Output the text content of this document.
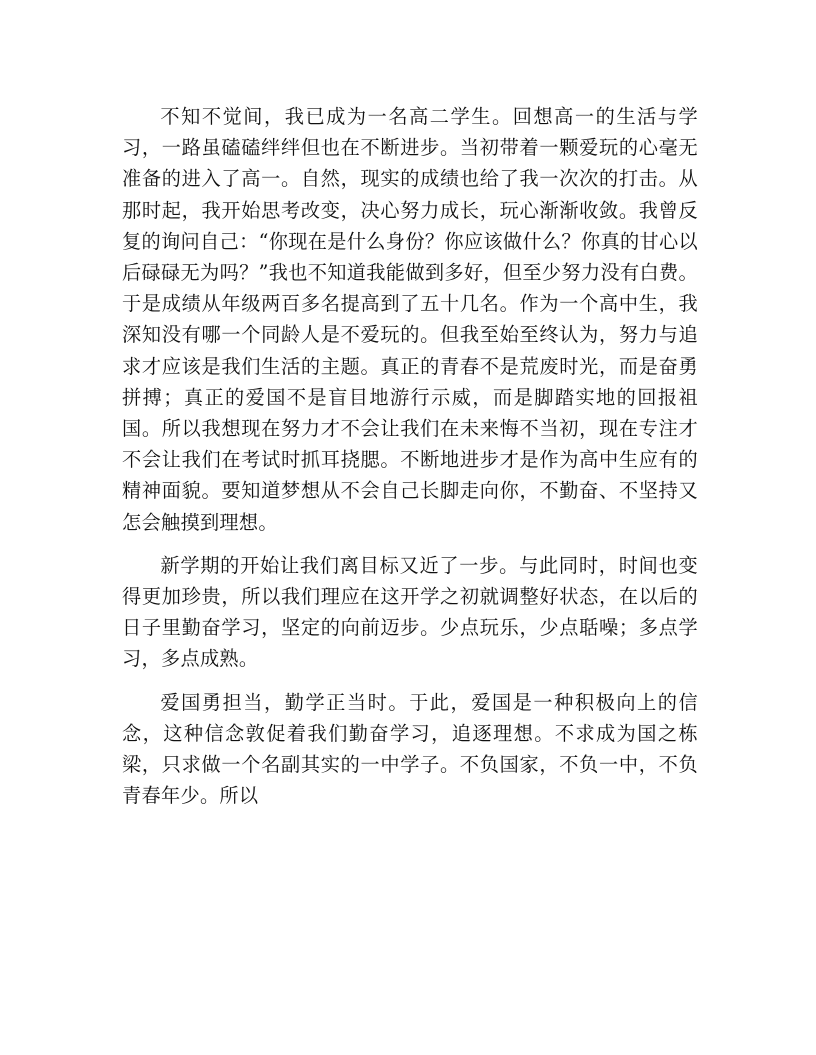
不知不觉间，我已成为一名高二学生。回想高一的生活与学习，一路虽磕磕绊绊但也在不断进步。当初带着一颗爱玩的心毫无准备的进入了高一。自然，现实的成绩也给了我一次次的打击。从那时起，我开始思考改变，决心努力成长，玩心渐渐收敛。我曾反复的询问自己：“你现在是什么身份？你应该做什么？你真的甘心以后碌碌无为吗？”我也不知道我能做到多好，但至少努力没有白费。于是成绩从年级两百多名提高到了五十几名。作为一个高中生，我深知没有哪一个同龄人是不爱玩的。但我至始至终认为，努力与追求才应该是我们生活的主题。真正的青春不是荒废时光，而是奋勇拼搏；真正的爱国不是盲目地游行示威，而是脚踏实地的回报祖国。所以我想现在努力才不会让我们在未来悔不当初，现在专注才不会让我们在考试时抓耳挠腮。不断地进步才是作为高中生应有的精神面貌。要知道梦想从不会自己长脚走向你，不勤奋、不坚持又怎会触摸到理想。

新学期的开始让我们离目标又近了一步。与此同时，时间也变得更加珍贵，所以我们理应在这开学之初就调整好状态，在以后的日子里勤奋学习，坚定的向前迈步。少点玩乐，少点聒噪；多点学习，多点成熟。

爱国勇担当，勤学正当时。于此，爱国是一种积极向上的信念，这种信念敦促着我们勤奋学习，追逐理想。不求成为国之栋梁，只求做一个名副其实的一中学子。不负国家，不负一中，不负青春年少。所以
